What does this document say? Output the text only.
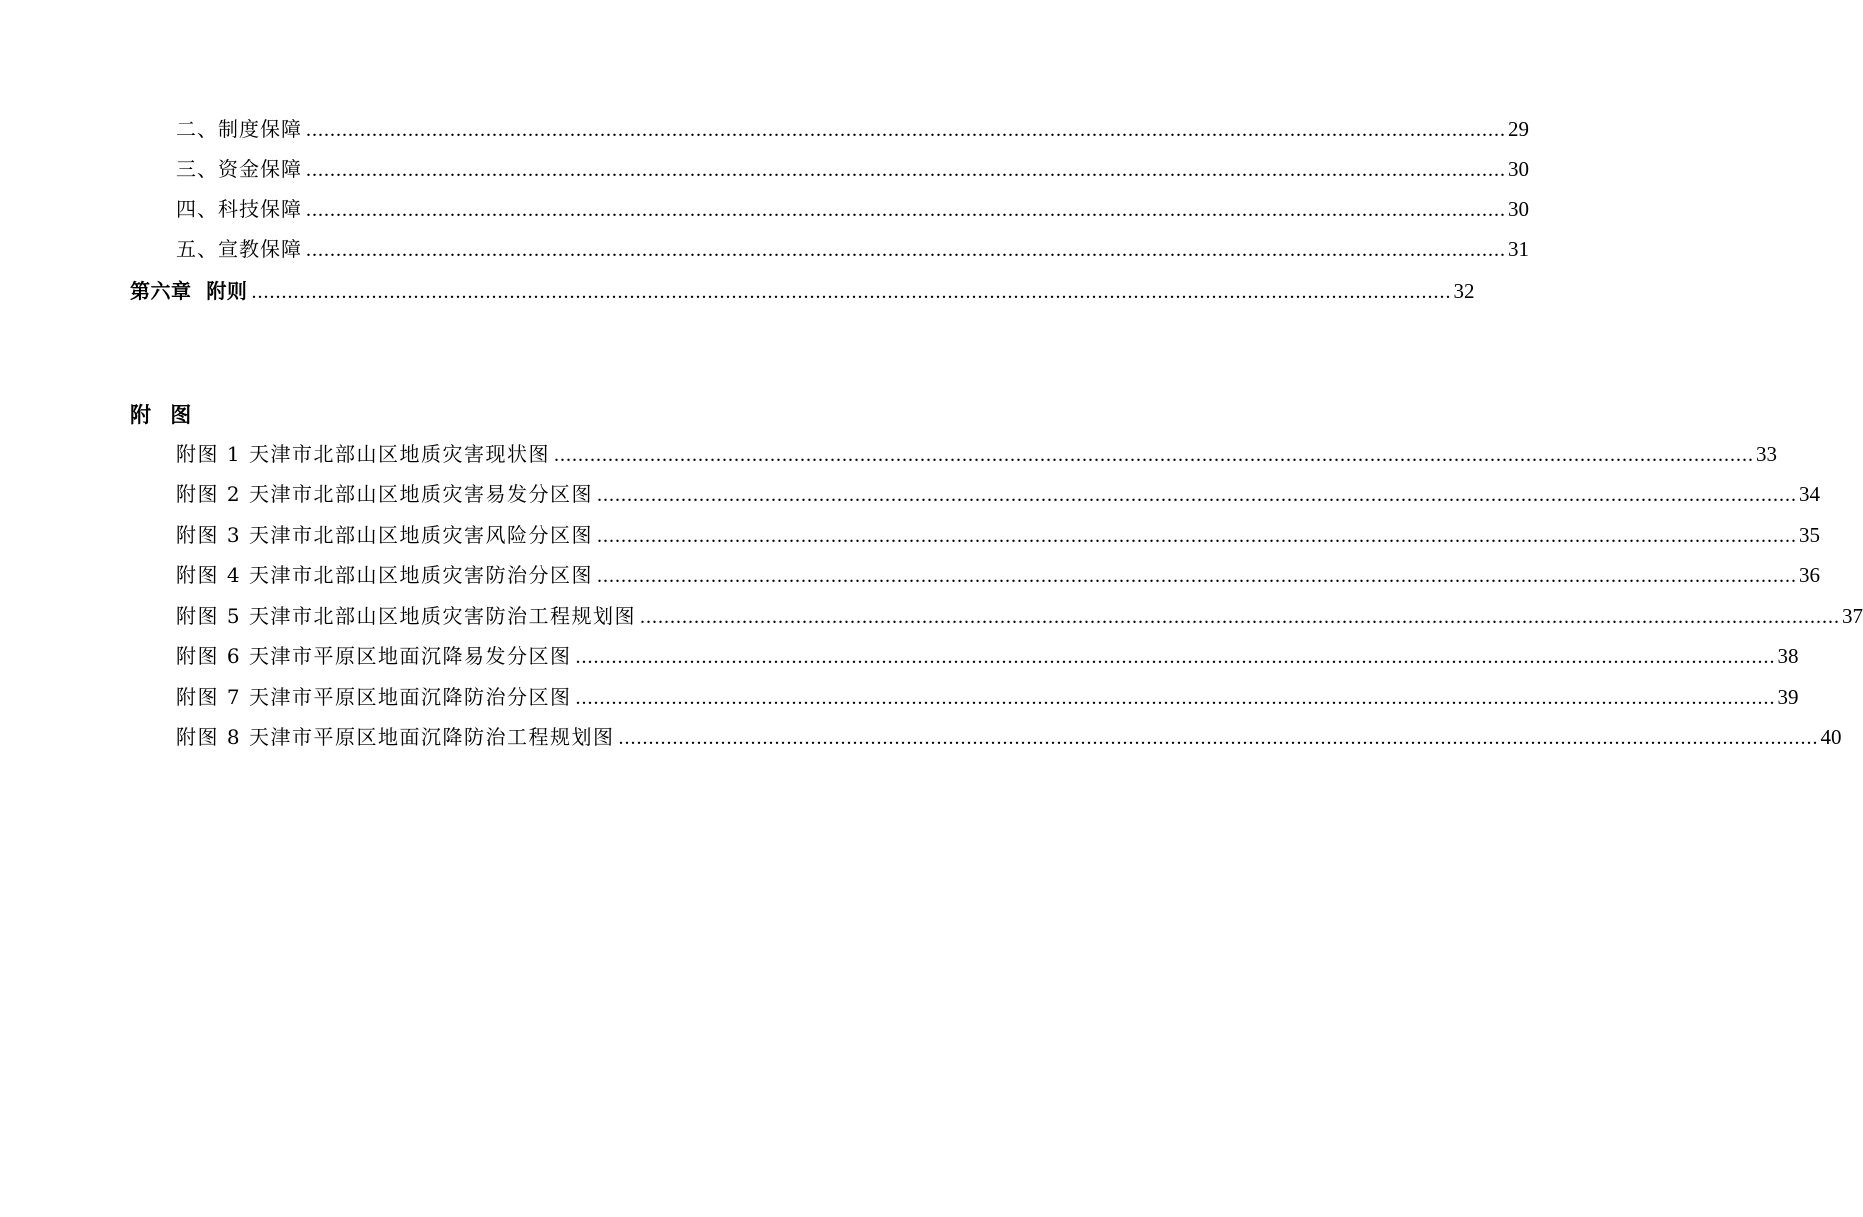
二、制度保障 ........................................................................................................................................................................................................ 29
三、资金保障 ........................................................................................................................................................................................................ 30
四、科技保障 ........................................................................................................................................................................................................ 30
五、宣教保障 ........................................................................................................................................................................................................ 31
第六章  附则 ........................................................................................................................................................................................................ 32
附 图
附图 1 天津市北部山区地质灾害现状图 ........................................................................................................................................................................................................ 33
附图 2 天津市北部山区地质灾害易发分区图 ........................................................................................................................................................................................................ 34
附图 3 天津市北部山区地质灾害风险分区图 ........................................................................................................................................................................................................ 35
附图 4 天津市北部山区地质灾害防治分区图 ........................................................................................................................................................................................................ 36
附图 5 天津市北部山区地质灾害防治工程规划图 ........................................................................................................................................................................................................ 37
附图 6 天津市平原区地面沉降易发分区图 ........................................................................................................................................................................................................ 38
附图 7 天津市平原区地面沉降防治分区图 ........................................................................................................................................................................................................ 39
附图 8 天津市平原区地面沉降防治工程规划图 ........................................................................................................................................................................................................ 40
